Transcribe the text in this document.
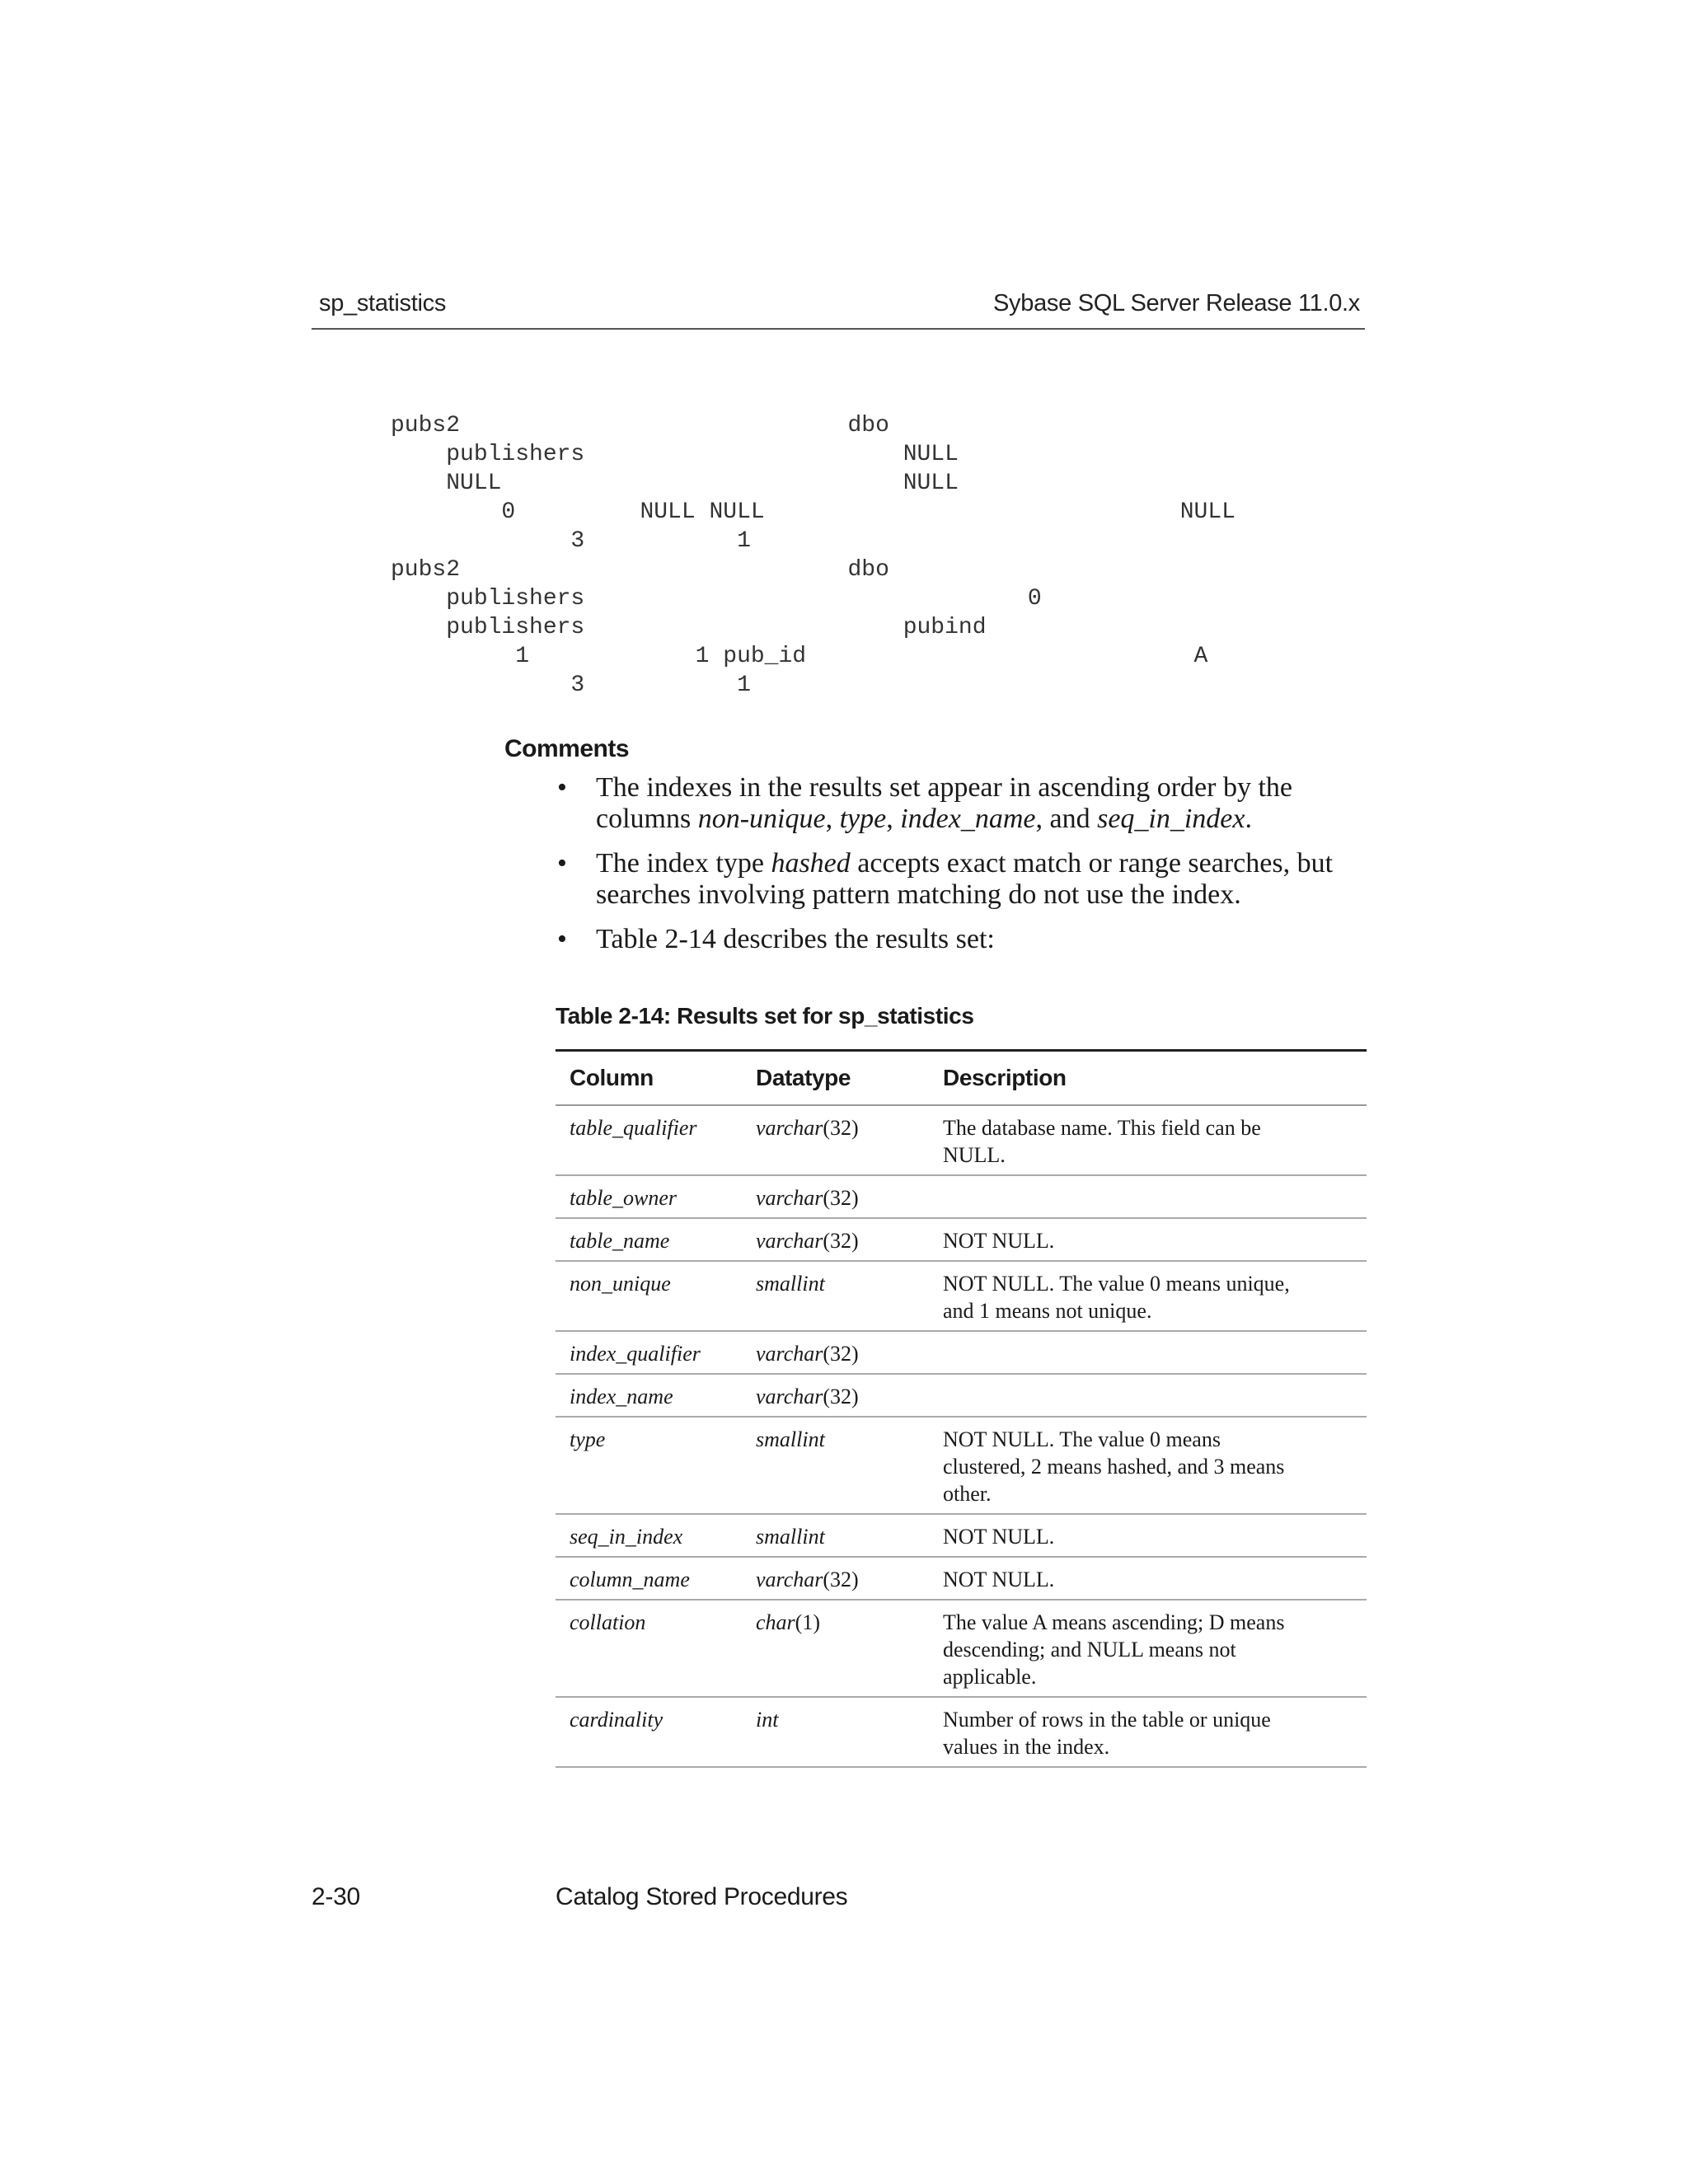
sp_statistics	Sybase SQL Server Release 11.0.x
pubs2                            dbo
publishers                       NULL
NULL                             NULL
0         NULL NULL                              NULL
3           1
pubs2                            dbo
publishers                                0
publishers                       pubind
1            1 pub_id                            A
3           1
Comments
• The indexes in the results set appear in ascending order by the
columns non-unique, type, index_name, and seq_in_index.
• The index type hashed accepts exact match or range searches, but
searches involving pattern matching do not use the index.
• Table 2-14 describes the results set:
Table 2-14: Results set for sp_statistics
Column	Datatype	Description
table_qualifier	varchar(32)	The database name. This field can be
NULL.
table_owner	varchar(32)
table_name	varchar(32)	NOT NULL.
non_unique	smallint	NOT NULL. The value 0 means unique,
and 1 means not unique.
index_qualifier	varchar(32)
index_name	varchar(32)
type	smallint	NOT NULL. The value 0 means
clustered, 2 means hashed, and 3 means
other.
seq_in_index	smallint	NOT NULL.
column_name	varchar(32)	NOT NULL.
collation	char(1)	The value A means ascending; D means
descending; and NULL means not
applicable.
cardinality	int	Number of rows in the table or unique
values in the index.
2-30	Catalog Stored Procedures
